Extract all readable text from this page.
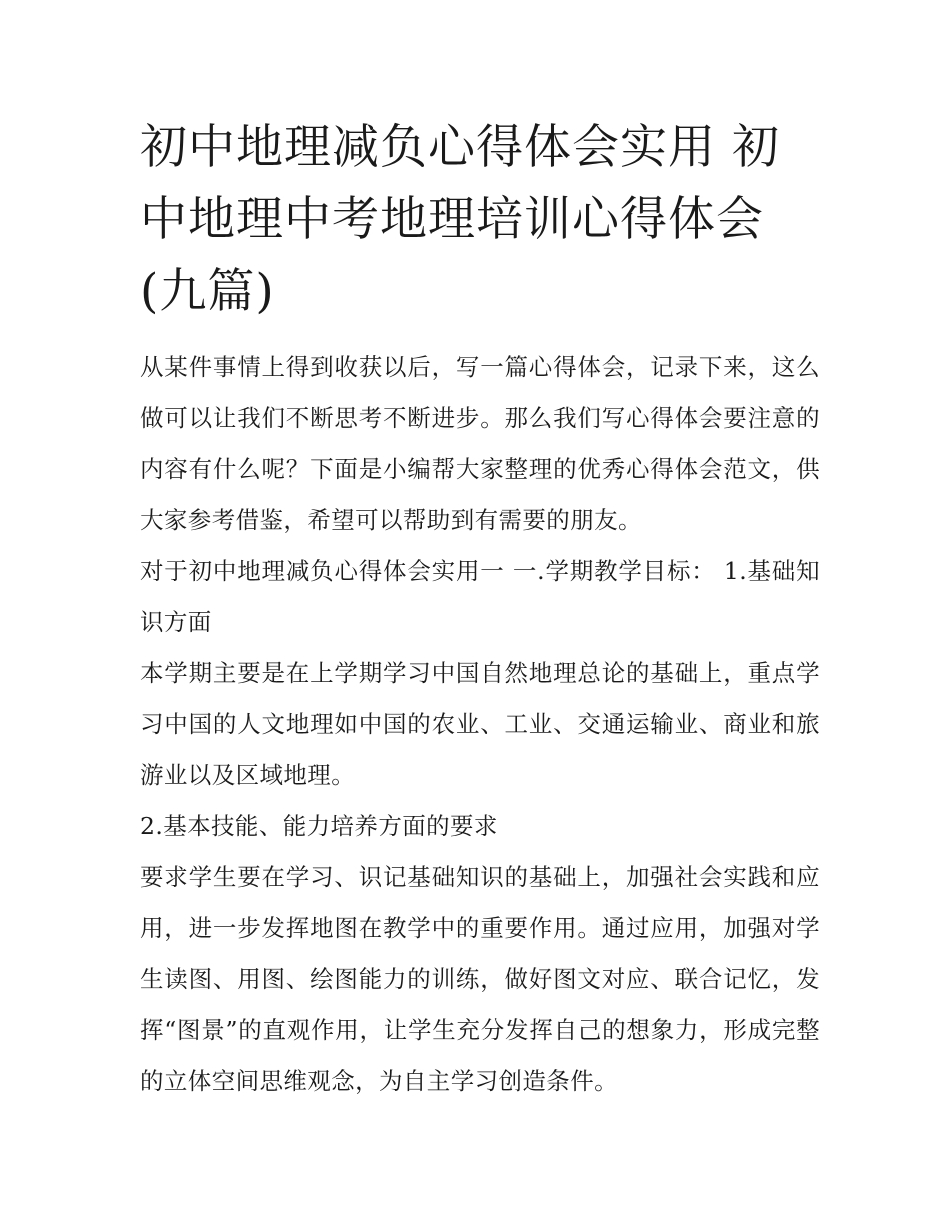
初中地理减负心得体会实用 初中地理中考地理培训心得体会(九篇)

从某件事情上得到收获以后，写一篇心得体会，记录下来，这么做可以让我们不断思考不断进步。那么我们写心得体会要注意的内容有什么呢？下面是小编帮大家整理的优秀心得体会范文，供大家参考借鉴，希望可以帮助到有需要的朋友。

对于初中地理减负心得体会实用一 一.学期教学目标： 1.基础知识方面

本学期主要是在上学期学习中国自然地理总论的基础上，重点学习中国的人文地理如中国的农业、工业、交通运输业、商业和旅游业以及区域地理。

2.基本技能、能力培养方面的要求

要求学生要在学习、识记基础知识的基础上，加强社会实践和应用，进一步发挥地图在教学中的重要作用。通过应用，加强对学生读图、用图、绘图能力的训练，做好图文对应、联合记忆，发挥“图景”的直观作用，让学生充分发挥自己的想象力，形成完整的立体空间思维观念，为自主学习创造条件。
